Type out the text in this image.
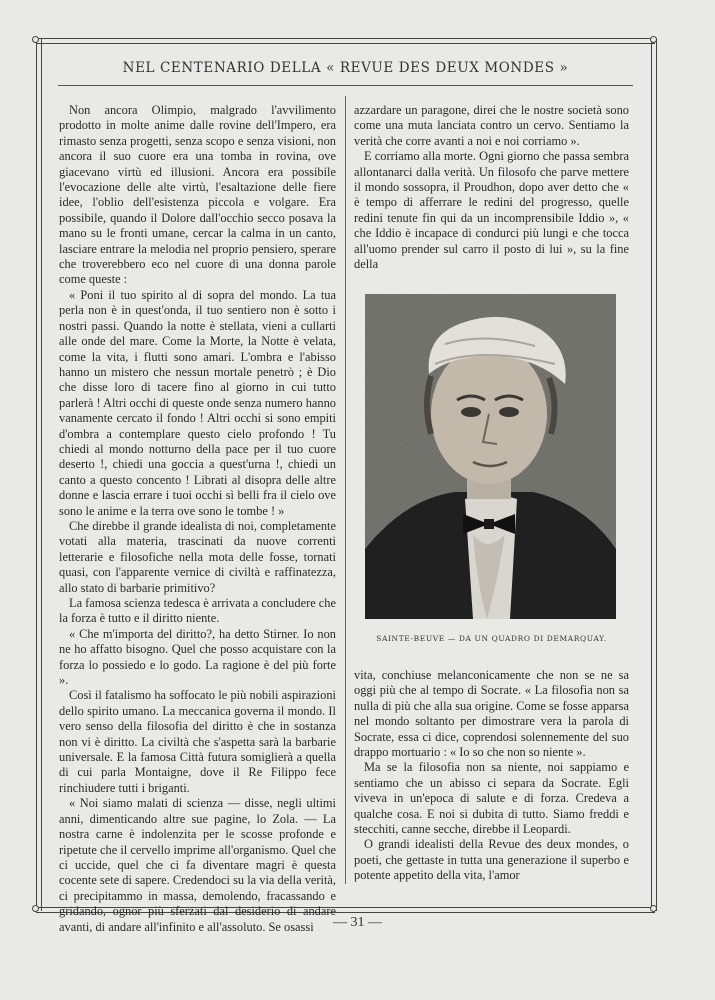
NEL CENTENARIO DELLA « REVUE DES DEUX MONDES »

Non ancora Olimpio, malgrado l'avvilimento prodotto in molte anime dalle rovine dell'Impero, era rimasto senza progetti, senza scopo e senza visioni, non ancora il suo cuore era una tomba in rovina, ove giacevano virtù ed illusioni. Ancora era possibile l'evocazione delle alte virtù, l'esaltazione delle fiere idee, l'oblio dell'esistenza piccola e volgare. Era possibile, quando il Dolore dall'occhio secco posava la mano su le fronti umane, cercar la calma in un canto, lasciare entrare la melodia nel proprio pensiero, sperare che troverebbero eco nel cuore di una donna parole come queste :

« Poni il tuo spirito al di sopra del mondo. La tua perla non è in quest'onda, il tuo sentiero non è sotto i nostri passi. Quando la notte è stellata, vieni a cullarti alle onde del mare. Come la Morte, la Notte è velata, come la vita, i flutti sono amari. L'ombra e l'abisso hanno un mistero che nessun mortale penetrò ; è Dio che disse loro di tacere fino al giorno in cui tutto parlerà ! Altri occhi di queste onde senza numero hanno vanamente cercato il fondo ! Altri occhi si sono empiti d'ombra a contemplare questo cielo profondo ! Tu chiedi al mondo notturno della pace per il tuo cuore deserto !, chiedi una goccia a quest'urna !, chiedi un canto a questo concento ! Librati al disopra delle altre donne e lascia errare i tuoi occhi sì belli fra il cielo ove sono le anime e la terra ove sono le tombe ! »

Che direbbe il grande idealista di noi, completamente votati alla materia, trascinati da nuove correnti letterarie e filosofiche nella mota delle fosse, tornati quasi, con l'apparente vernice di civiltà e raffinatezza, allo stato di barbarie primitivo?

La famosa scienza tedesca è arrivata a concludere che la forza è tutto e il diritto niente.

« Che m'importa del diritto?, ha detto Stirner. Io non ne ho affatto bisogno. Quel che posso acquistare con la forza lo possiedo e lo godo. La ragione è del più forte ».

Così il fatalismo ha soffocato le più nobili aspirazioni dello spirito umano. La meccanica governa il mondo. Il vero senso della filosofia del diritto è che in sostanza non vi è diritto. La civiltà che s'aspetta sarà la barbarie universale. E la famosa Città futura somiglierà a quella di cui parla Montaigne, dove il Re Filippo fece rinchiudere tutti i briganti.

« Noi siamo malati di scienza — disse, negli ultimi anni, dimenticando altre sue pagine, lo Zola. — La nostra carne è indolenzita per le scosse profonde e ripetute che il cervello imprime all'organismo. Quel che ci uccide, quel che ci fa diventare magri è questa cocente sete di sapere. Credendoci su la via della verità, ci precipitammo in massa, demolendo, fracassando e gridando, ognor più sferzati dal desiderio di andare avanti, di andare all'infinito e all'assoluto. Se osassi

azzardare un paragone, direi che le nostre società sono come una muta lanciata contro un cervo. Sentiamo la verità che corre avanti a noi e noi corriamo ».

E corriamo alla morte. Ogni giorno che passa sembra allontanarci dalla verità. Un filosofo che parve mettere il mondo sossopra, il Proudhon, dopo aver detto che « è tempo di afferrare le redini del progresso, quelle redini tenute fin qui da un incomprensibile Iddio », « che Iddio è incapace di condurci più lungi e che tocca all'uomo prender sul carro il posto di lui », su la fine della

SAINTE-BEUVE — DA UN QUADRO DI DEMARQUAY.

vita, conchiuse melanconicamente che non se ne sa oggi più che al tempo di Socrate. « La filosofia non sa nulla di più che alla sua origine. Come se fosse apparsa nel mondo soltanto per dimostrare vera la parola di Socrate, essa ci dice, coprendosi solennemente del suo drappo mortuario : « Io so che non so niente ».

Ma se la filosofia non sa niente, noi sappiamo e sentiamo che un abisso ci separa da Socrate. Egli viveva in un'epoca di salute e di forza. Credeva a qualche cosa. E noi si dubita di tutto. Siamo freddi e stecchiti, canne secche, direbbe il Leopardi.

O grandi idealisti della Revue des deux mondes, o poeti, che gettaste in tutta una generazione il superbo e potente appetito della vita, l'amor

— 31 —
